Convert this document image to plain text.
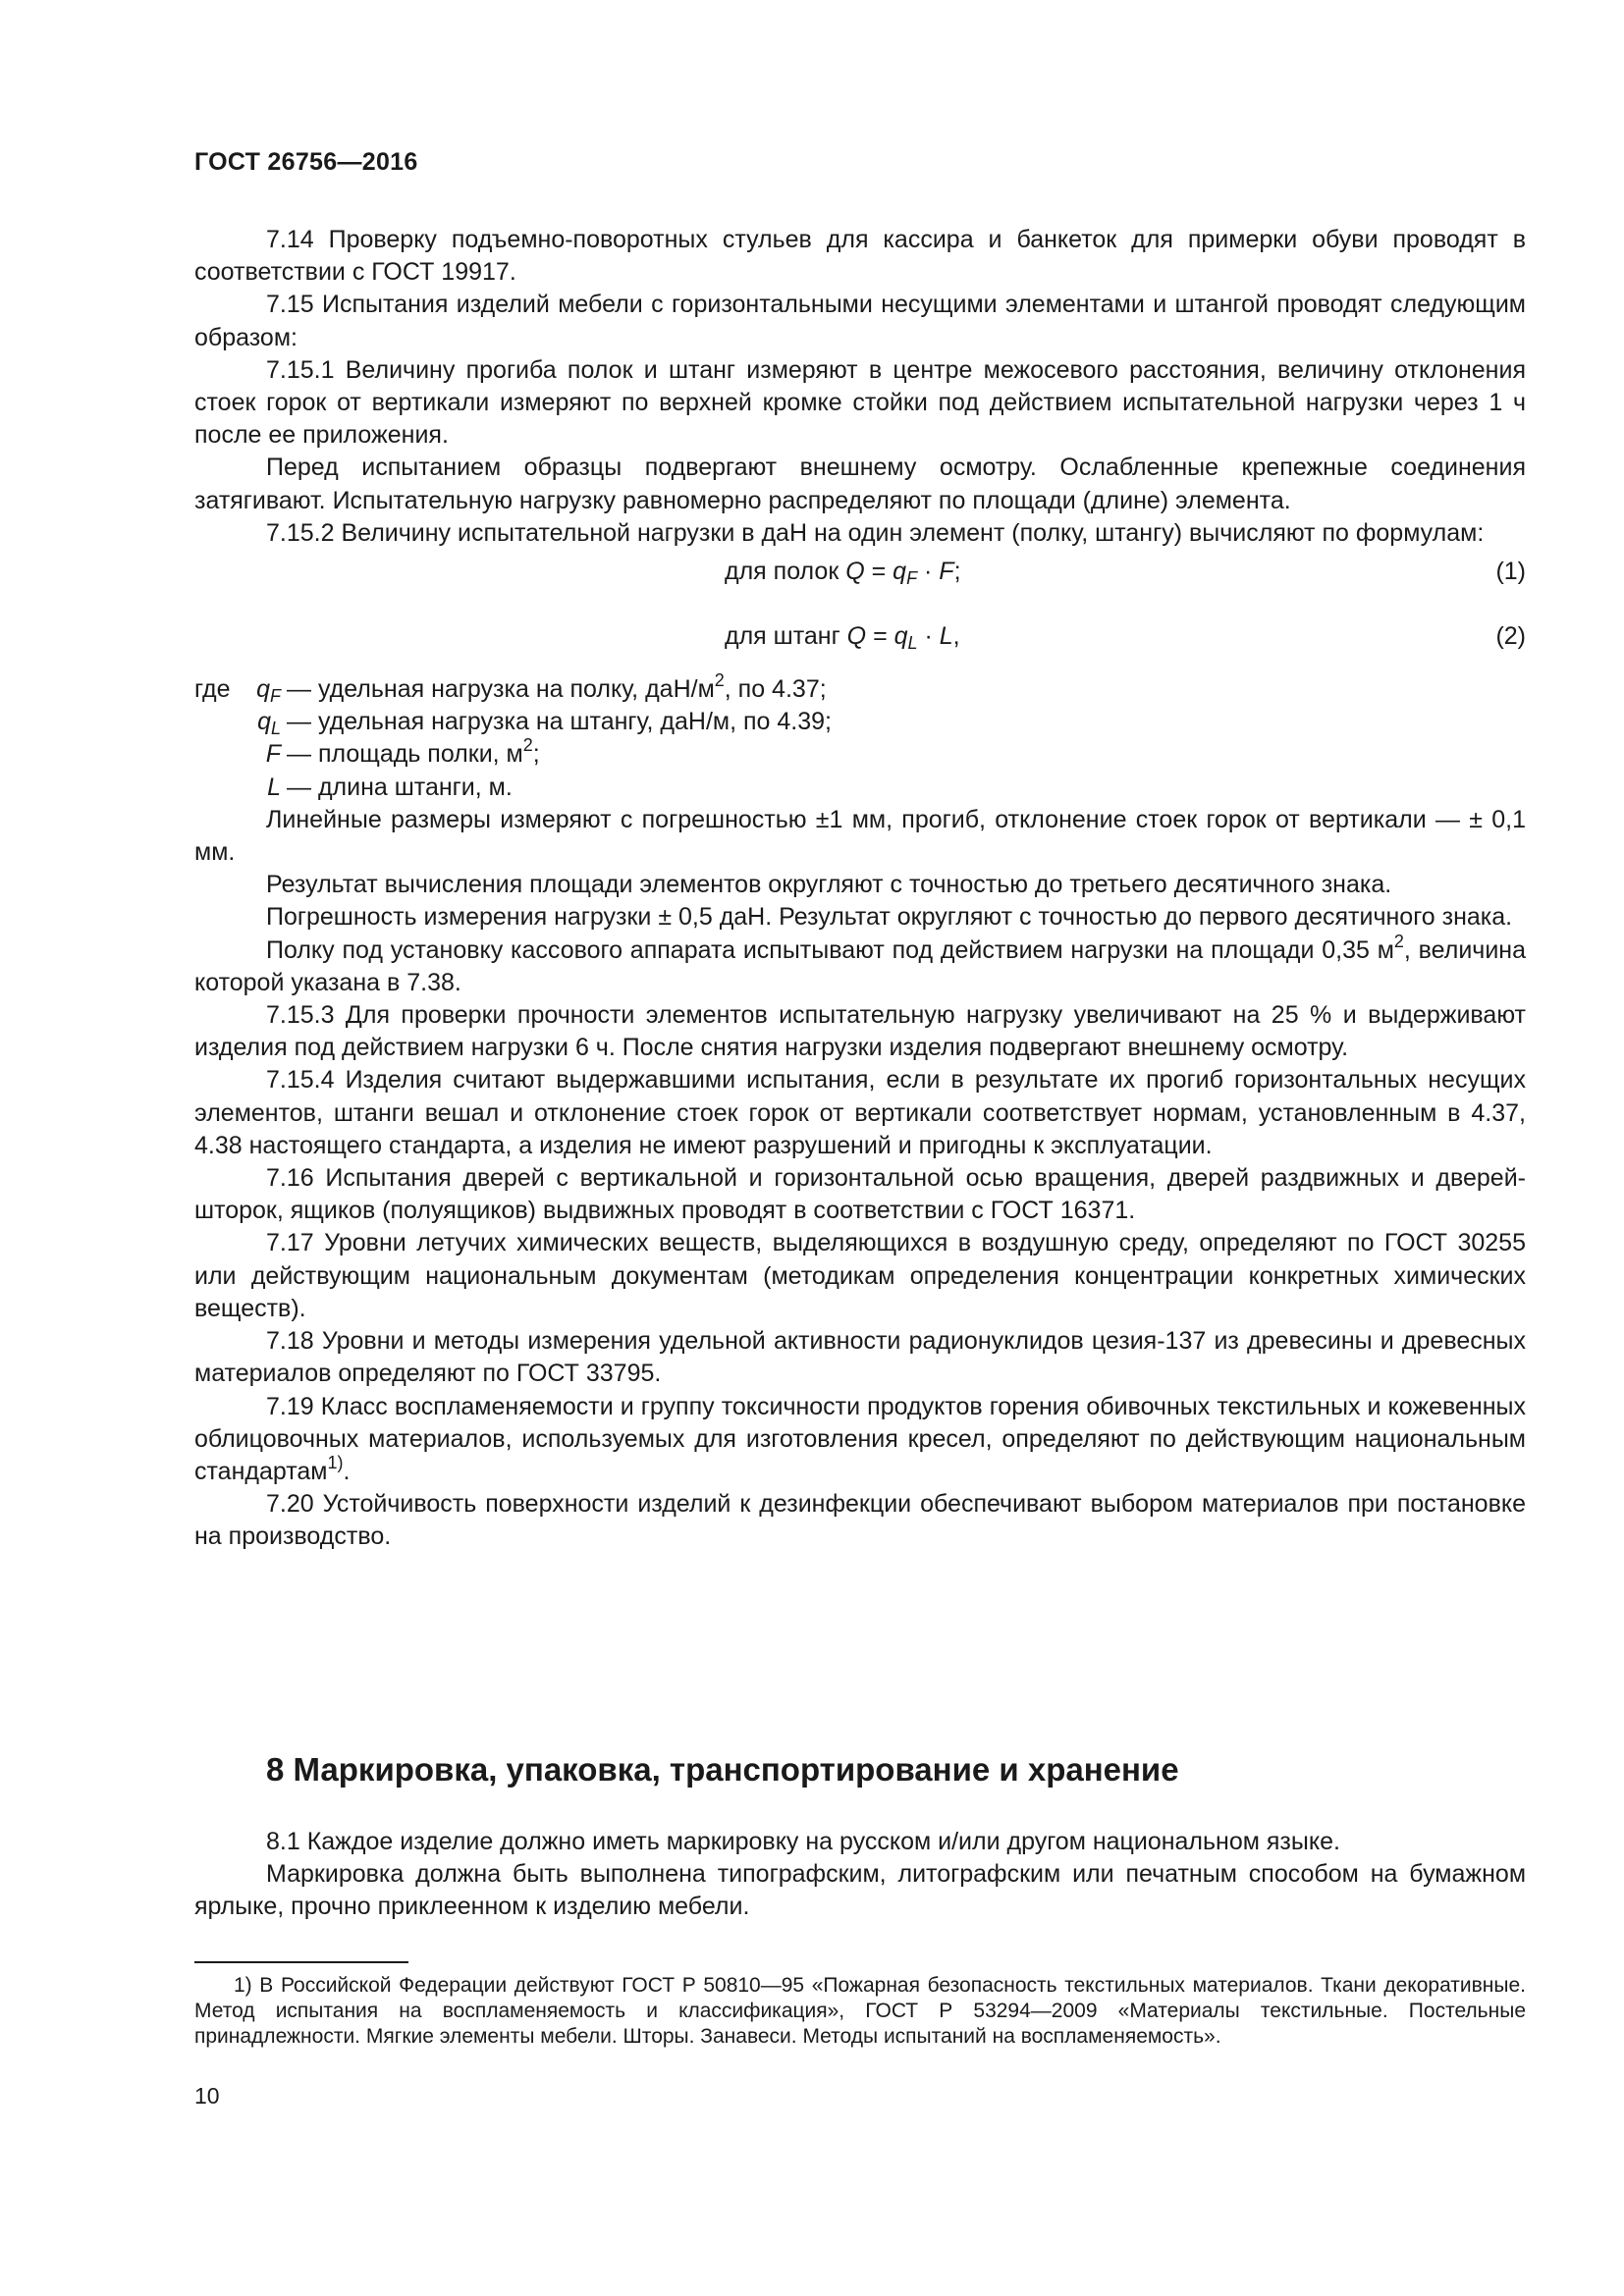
ГОСТ 26756—2016

7.14 Проверку подъемно-поворотных стульев для кассира и банкеток для примерки обуви проводят в соответствии с ГОСТ 19917.

7.15 Испытания изделий мебели с горизонтальными несущими элементами и штангой проводят следующим образом:

7.15.1 Величину прогиба полок и штанг измеряют в центре межосевого расстояния, величину отклонения стоек горок от вертикали измеряют по верхней кромке стойки под действием испытательной нагрузки через 1 ч после ее приложения.

Перед испытанием образцы подвергают внешнему осмотру. Ослабленные крепежные соединения затягивают. Испытательную нагрузку равномерно распределяют по площади (длине) элемента.

7.15.2 Величину испытательной нагрузки в даН на один элемент (полку, штангу) вычисляют по формулам:

для полок $Q = q_F \cdot F$;	(1)
для штанг $Q = q_L \cdot L$,	(2)
где	$q_F$ — удельная нагрузка на полку, даН/$м^2$, по 4.37;
$q_L$ — удельная нагрузка на штангу, даН/м, по 4.39;
F — площадь полки, $м^2$;
L — длина штанги, м.

Линейные размеры измеряют с погрешностью ±1 мм, прогиб, отклонение стоек горок от вертикали — ± 0,1 мм.

Результат вычисления площади элементов округляют с точностью до третьего десятичного знака.

Погрешность измерения нагрузки ± 0,5 даН. Результат округляют с точностью до первого десятичного знака.

Полку под установку кассового аппарата испытывают под действием нагрузки на площади 0,35 $м^2$, величина которой указана в 7.38.

7.15.3 Для проверки прочности элементов испытательную нагрузку увеличивают на 25 % и выдерживают изделия под действием нагрузки 6 ч. После снятия нагрузки изделия подвергают внешнему осмотру.

7.15.4 Изделия считают выдержавшими испытания, если в результате их прогиб горизонтальных несущих элементов, штанги вешал и отклонение стоек горок от вертикали соответствует нормам, установленным в 4.37, 4.38 настоящего стандарта, а изделия не имеют разрушений и пригодны к эксплуатации.

7.16 Испытания дверей с вертикальной и горизонтальной осью вращения, дверей раздвижных и дверей-шторок, ящиков (полуящиков) выдвижных проводят в соответствии с ГОСТ 16371.

7.17 Уровни летучих химических веществ, выделяющихся в воздушную среду, определяют по ГОСТ 30255 или действующим национальным документам (методикам определения концентрации конкретных химических веществ).

7.18 Уровни и методы измерения удельной активности радионуклидов цезия-137 из древесины и древесных материалов определяют по ГОСТ 33795.

7.19 Класс воспламеняемости и группу токсичности продуктов горения обивочных текстильных и кожевенных облицовочных материалов, используемых для изготовления кресел, определяют по действующим национальным стандартам$^{1)}$.

7.20 Устойчивость поверхности изделий к дезинфекции обеспечивают выбором материалов при постановке на производство.

8 Маркировка, упаковка, транспортирование и хранение

8.1 Каждое изделие должно иметь маркировку на русском и/или другом национальном языке.

Маркировка должна быть выполнена типографским, литографским или печатным способом на бумажном ярлыке, прочно приклеенном к изделию мебели.

1) В Российской Федерации действуют ГОСТ Р 50810—95 «Пожарная безопасность текстильных материалов. Ткани декоративные. Метод испытания на воспламеняемость и классификация», ГОСТ Р 53294—2009 «Материалы текстильные. Постельные принадлежности. Мягкие элементы мебели. Шторы. Занавеси. Методы испытаний на воспламеняемость».
10
